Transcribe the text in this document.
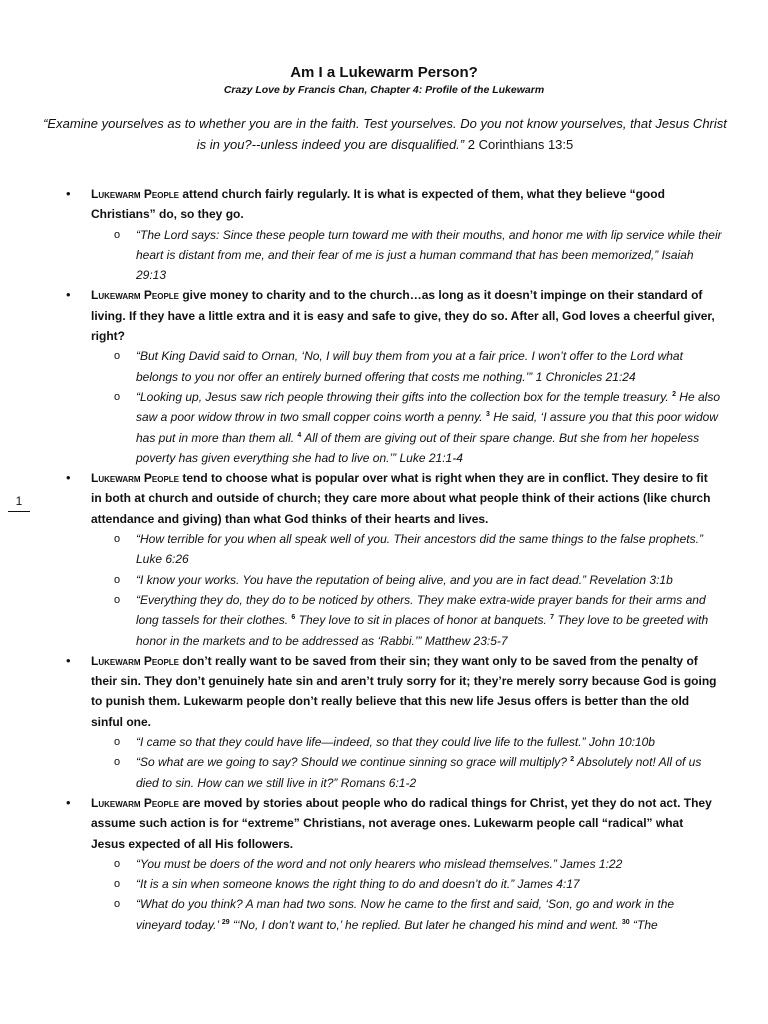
1

Am I a Lukewarm Person?

Crazy Love by Francis Chan, Chapter 4: Profile of the Lukewarm

“Examine yourselves as to whether you are in the faith. Test yourselves. Do you not know yourselves, that Jesus Christ is in you?--unless indeed you are disqualified.” 2 Corinthians 13:5
• Lukewarm People attend church fairly regularly. It is what is expected of them, what they believe “good Christians” do, so they go.
o “The Lord says: Since these people turn toward me with their mouths, and honor me with lip service while their heart is distant from me, and their fear of me is just a human command that has been memorized,” Isaiah 29:13
• Lukewarm People give money to charity and to the church…as long as it doesn’t impinge on their standard of living. If they have a little extra and it is easy and safe to give, they do so. After all, God loves a cheerful giver, right?
o “But King David said to Ornan, ‘No, I will buy them from you at a fair price. I won’t offer to the Lord what belongs to you nor offer an entirely burned offering that costs me nothing.’” 1 Chronicles 21:24
o “Looking up, Jesus saw rich people throwing their gifts into the collection box for the temple treasury. $^2$ He also saw a poor widow throw in two small copper coins worth a penny. $^3$ He said, ‘I assure you that this poor widow has put in more than them all. $^4$ All of them are giving out of their spare change. But she from her hopeless poverty has given everything she had to live on.’” Luke 21:1-4
• Lukewarm People tend to choose what is popular over what is right when they are in conflict. They desire to fit in both at church and outside of church; they care more about what people think of their actions (like church attendance and giving) than what God thinks of their hearts and lives.
o “How terrible for you when all speak well of you. Their ancestors did the same things to the false prophets.” Luke 6:26
o “I know your works. You have the reputation of being alive, and you are in fact dead.” Revelation 3:1b
o “Everything they do, they do to be noticed by others. They make extra-wide prayer bands for their arms and long tassels for their clothes. $^6$ They love to sit in places of honor at banquets. $^7$ They love to be greeted with honor in the markets and to be addressed as ‘Rabbi.’” Matthew 23:5-7
• Lukewarm People don’t really want to be saved from their sin; they want only to be saved from the penalty of their sin. They don’t genuinely hate sin and aren’t truly sorry for it; they’re merely sorry because God is going to punish them. Lukewarm people don’t really believe that this new life Jesus offers is better than the old sinful one.
o “I came so that they could have life—indeed, so that they could live life to the fullest.” John 10:10b
o “So what are we going to say? Should we continue sinning so grace will multiply? $^2$ Absolutely not! All of us died to sin. How can we still live in it?” Romans 6:1-2
• Lukewarm People are moved by stories about people who do radical things for Christ, yet they do not act. They assume such action is for “extreme” Christians, not average ones. Lukewarm people call “radical” what Jesus expected of all His followers.
o “You must be doers of the word and not only hearers who mislead themselves.” James 1:22
o “It is a sin when someone knows the right thing to do and doesn’t do it.” James 4:17
o “What do you think? A man had two sons. Now he came to the first and said, ‘Son, go and work in the vineyard today.’ $^{29}$ “‘No, I don’t want to,’ he replied. But later he changed his mind and went. $^{30}$ “The
